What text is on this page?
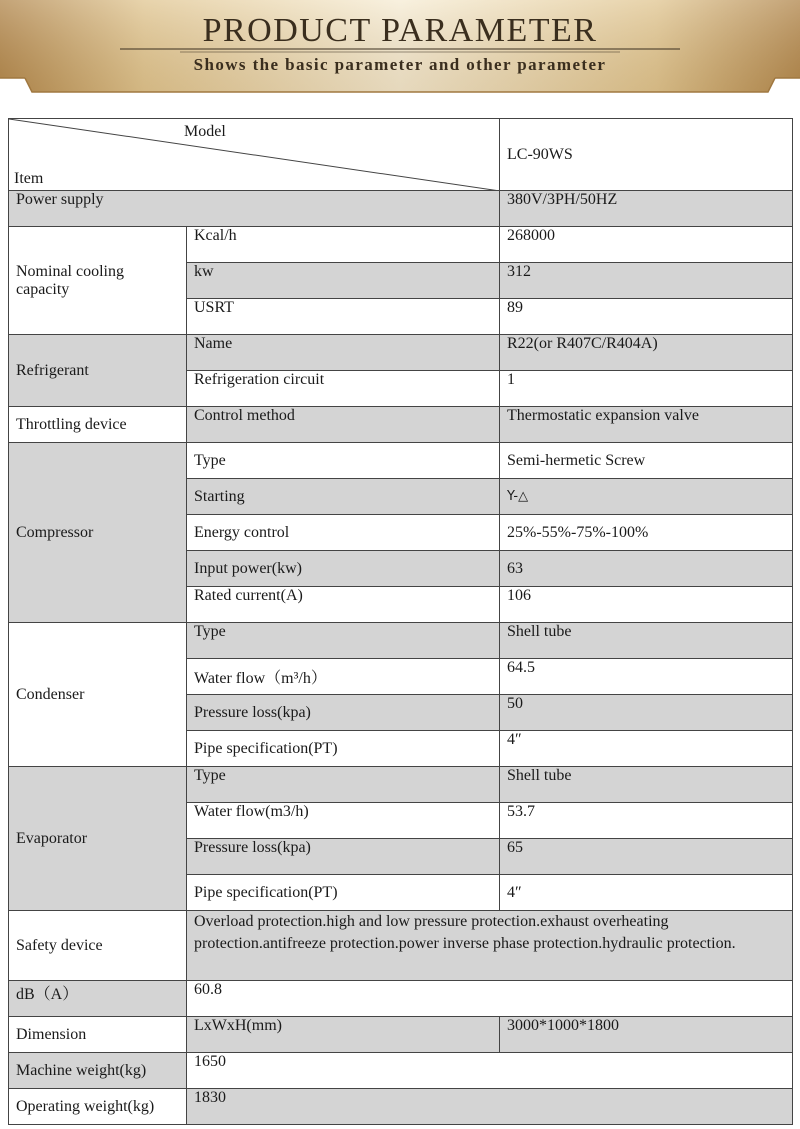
PRODUCT PARAMETER
Shows the basic parameter and other parameter
Model
Item		LC-90WS
Power supply		380V/3PH/50HZ
Nominal cooling capacity	Kcal/h	268000
	kw	312
	USRT	89
Refrigerant	Name	R22(or R407C/R404A)
	Refrigeration circuit	1
Throttling device	Control method	Thermostatic expansion valve
Compressor	Type	Semi-hermetic Screw
	Starting	Y-△
	Energy control	25%-55%-75%-100%
	Input power(kw)	63
	Rated current(A)	106
Condenser	Type	Shell tube
	Water flow（m³/h）	64.5
	Pressure loss(kpa)	50
	Pipe specification(PT)	4″
Evaporator	Type	Shell tube
	Water flow(m3/h)	53.7
	Pressure loss(kpa)	65
	Pipe specification(PT)	4″
Safety device	Overload protection.high and low pressure protection.exhaust overheating protection.antifreeze protection.power inverse phase protection.hydraulic protection.	
dB（A）	60.8	
Dimension	LxWxH(mm)	3000*1000*1800
Machine weight(kg)	1650	
Operating weight(kg)	1830	
